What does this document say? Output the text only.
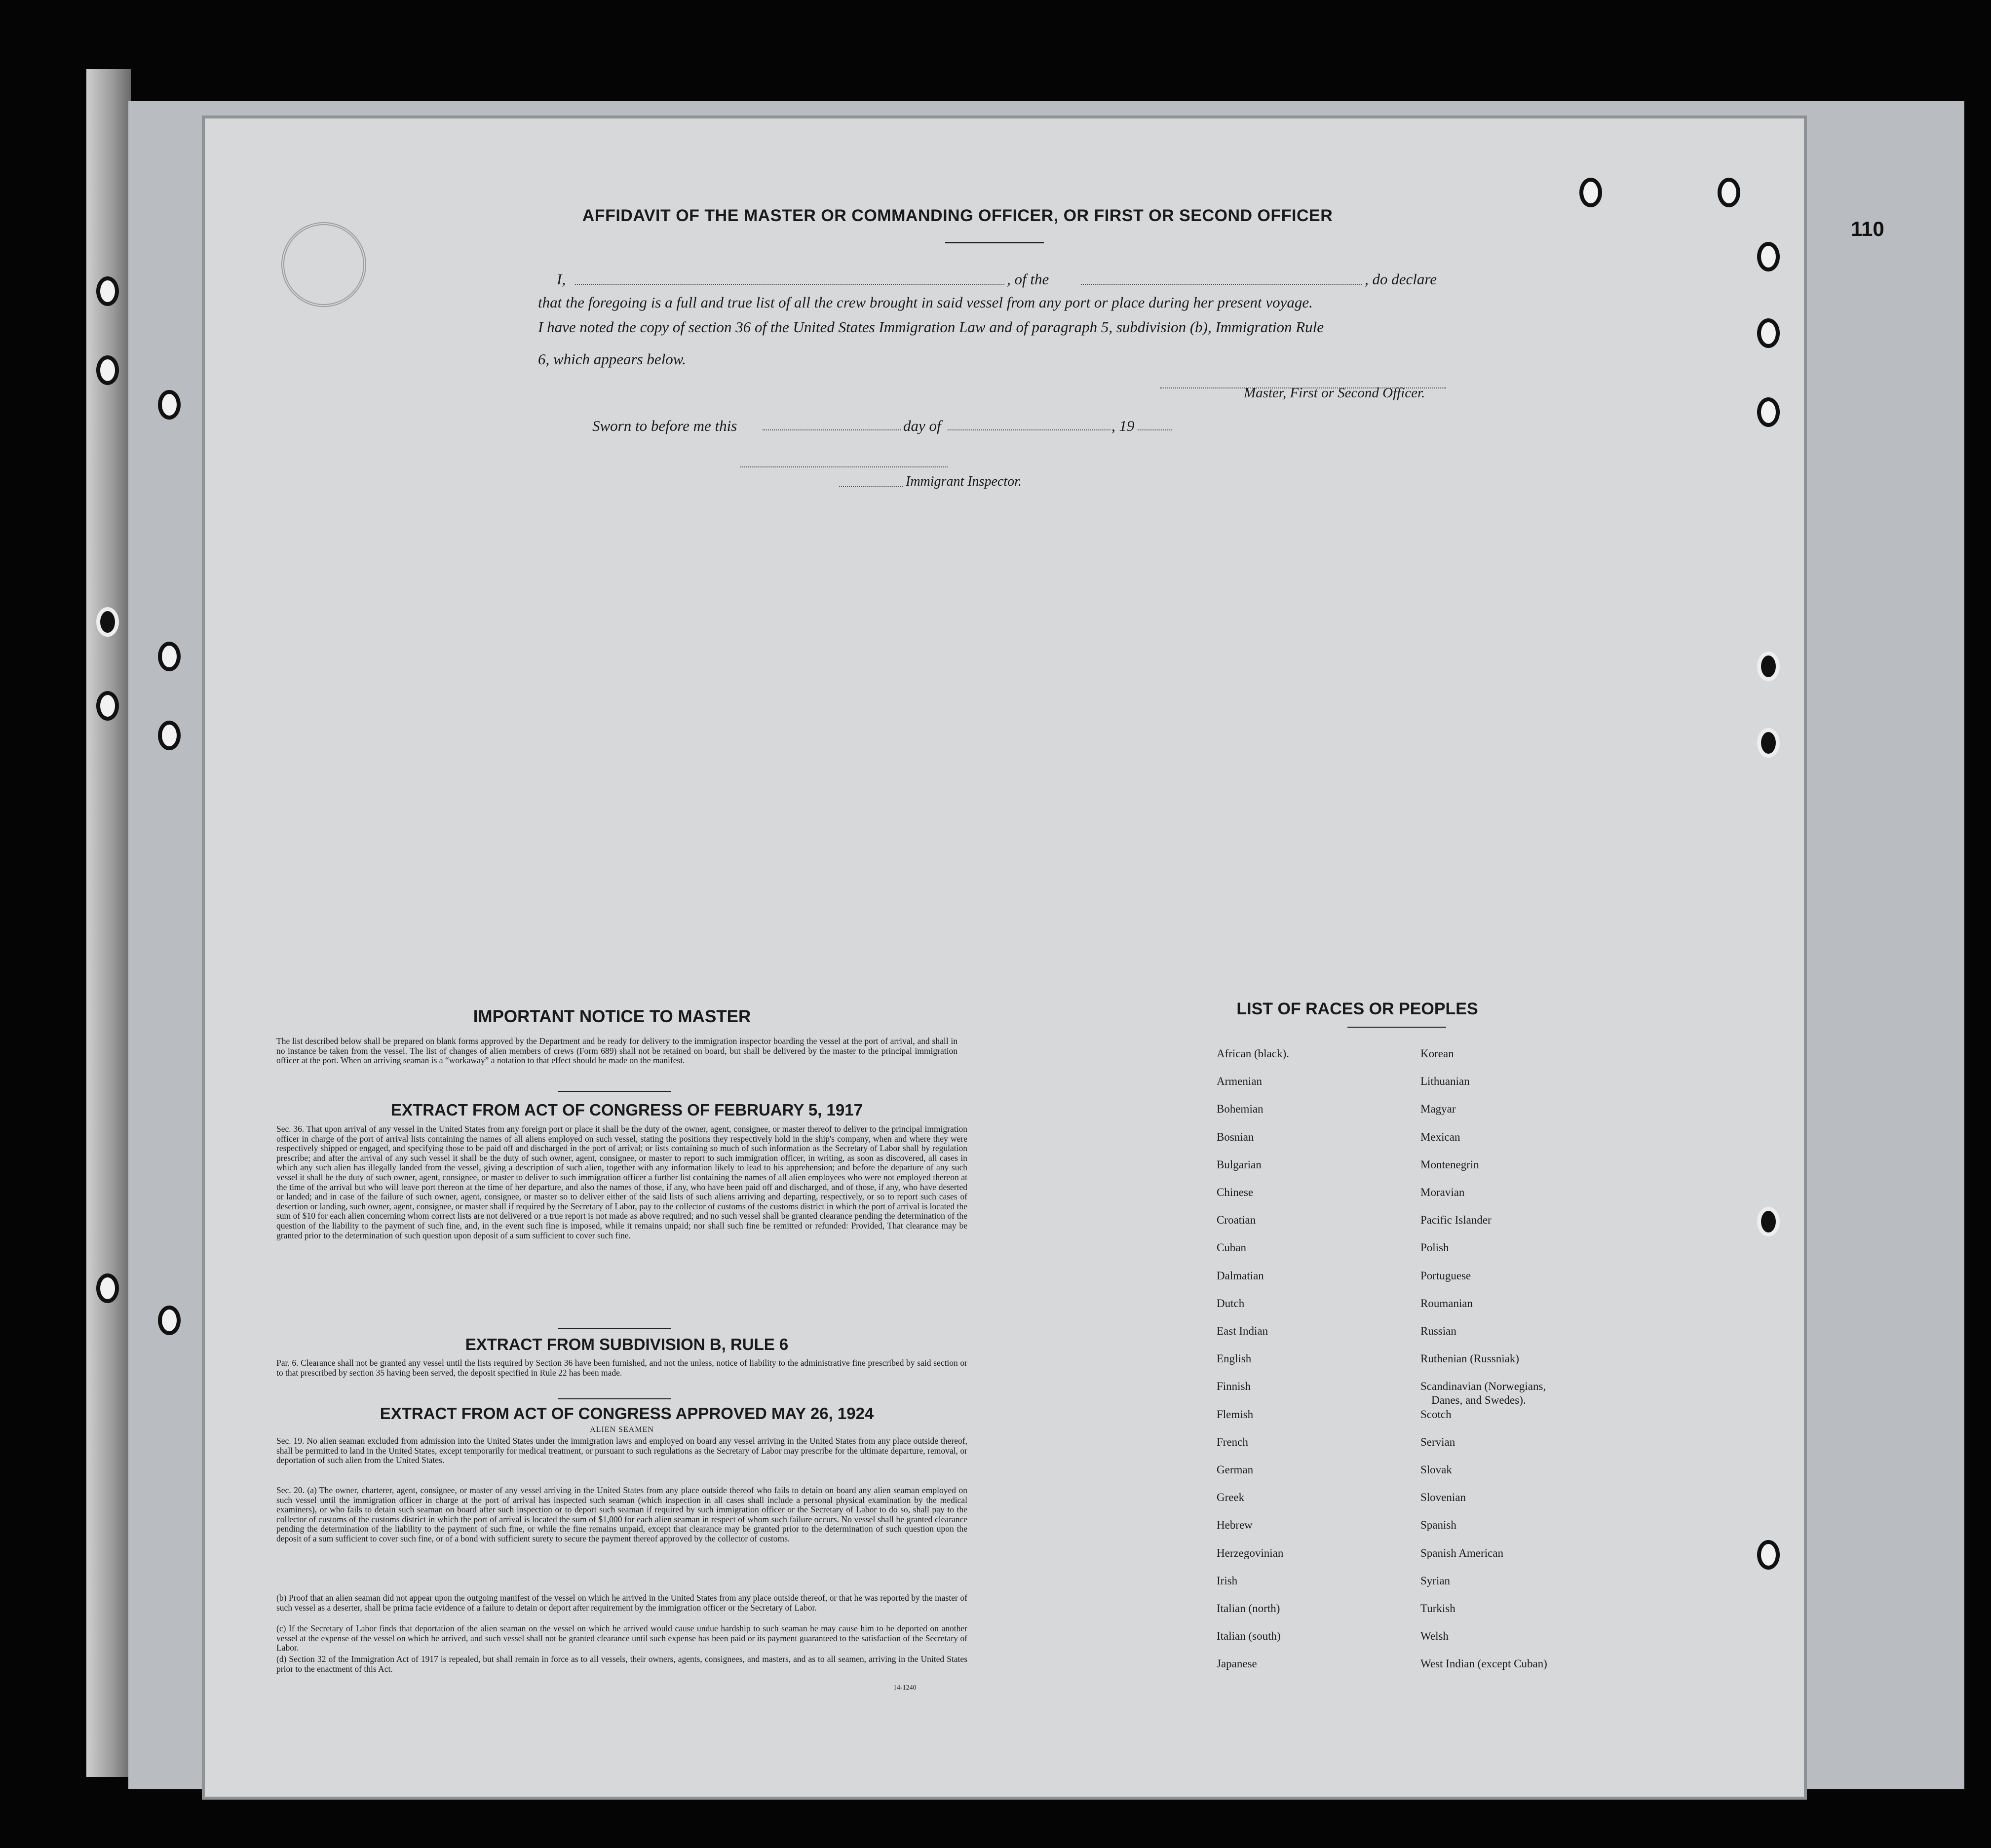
110
AFFIDAVIT OF THE MASTER OR COMMANDING OFFICER, OR FIRST OR SECOND OFFICER
I,	, of the	, do declare
that the foregoing is a full and true list of all the crew brought in said vessel from any port or place during her present voyage.
I have noted the copy of section 36 of the United States Immigration Law and of paragraph 5, subdivision (b), Immigration Rule
6, which appears below.
Master, First or Second Officer.
Sworn to before me this	day of	, 19
Immigrant Inspector.
IMPORTANT NOTICE TO MASTER

The list described below shall be prepared on blank forms approved by the Department and be ready for delivery to the immigration inspector boarding the vessel at the port of arrival, and shall in no instance be taken from the vessel. The list of changes of alien members of crews (Form 689) shall not be retained on board, but shall be delivered by the master to the principal immigration officer at the port. When an arriving seaman is a “workaway” a notation to that effect should be made on the manifest.

EXTRACT FROM ACT OF CONGRESS OF FEBRUARY 5, 1917

Sec. 36. That upon arrival of any vessel in the United States from any foreign port or place it shall be the duty of the owner, agent, consignee, or master thereof to deliver to the principal immigration officer in charge of the port of arrival lists containing the names of all aliens employed on such vessel, stating the positions they respectively hold in the ship's company, when and where they were respectively shipped or engaged, and specifying those to be paid off and discharged in the port of arrival; or lists containing so much of such information as the Secretary of Labor shall by regulation prescribe; and after the arrival of any such vessel it shall be the duty of such owner, agent, consignee, or master to report to such immigration officer, in writing, as soon as discovered, all cases in which any such alien has illegally landed from the vessel, giving a description of such alien, together with any information likely to lead to his apprehension; and before the departure of any such vessel it shall be the duty of such owner, agent, consignee, or master to deliver to such immigration officer a further list containing the names of all alien employees who were not employed thereon at the time of the arrival but who will leave port thereon at the time of her departure, and also the names of those, if any, who have been paid off and discharged, and of those, if any, who have deserted or landed; and in case of the failure of such owner, agent, consignee, or master so to deliver either of the said lists of such aliens arriving and departing, respectively, or so to report such cases of desertion or landing, such owner, agent, consignee, or master shall if required by the Secretary of Labor, pay to the collector of customs of the customs district in which the port of arrival is located the sum of $10 for each alien concerning whom correct lists are not delivered or a true report is not made as above required; and no such vessel shall be granted clearance pending the determination of the question of the liability to the payment of such fine, and, in the event such fine is imposed, while it remains unpaid; nor shall such fine be remitted or refunded: Provided, That clearance may be granted prior to the determination of such question upon deposit of a sum sufficient to cover such fine.

EXTRACT FROM SUBDIVISION B, RULE 6

Par. 6. Clearance shall not be granted any vessel until the lists required by Section 36 have been furnished, and not the unless, notice of liability to the administrative fine prescribed by said section or to that prescribed by section 35 having been served, the deposit specified in Rule 22 has been made.

EXTRACT FROM ACT OF CONGRESS APPROVED MAY 26, 1924
ALIEN SEAMEN

Sec. 19. No alien seaman excluded from admission into the United States under the immigration laws and employed on board any vessel arriving in the United States from any place outside thereof, shall be permitted to land in the United States, except temporarily for medical treatment, or pursuant to such regulations as the Secretary of Labor may prescribe for the ultimate departure, removal, or deportation of such alien from the United States.

Sec. 20. (a) The owner, charterer, agent, consignee, or master of any vessel arriving in the United States from any place outside thereof who fails to detain on board any alien seaman employed on such vessel until the immigration officer in charge at the port of arrival has inspected such seaman (which inspection in all cases shall include a personal physical examination by the medical examiners), or who fails to detain such seaman on board after such inspection or to deport such seaman if required by such immigration officer or the Secretary of Labor to do so, shall pay to the collector of customs of the customs district in which the port of arrival is located the sum of $1,000 for each alien seaman in respect of whom such failure occurs. No vessel shall be granted clearance pending the determination of the liability to the payment of such fine, or while the fine remains unpaid, except that clearance may be granted prior to the determination of such question upon the deposit of a sum sufficient to cover such fine, or of a bond with sufficient surety to secure the payment thereof approved by the collector of customs.

(b) Proof that an alien seaman did not appear upon the outgoing manifest of the vessel on which he arrived in the United States from any place outside thereof, or that he was reported by the master of such vessel as a deserter, shall be prima facie evidence of a failure to detain or deport after requirement by the immigration officer or the Secretary of Labor.

(c) If the Secretary of Labor finds that deportation of the alien seaman on the vessel on which he arrived would cause undue hardship to such seaman he may cause him to be deported on another vessel at the expense of the vessel on which he arrived, and such vessel shall not be granted clearance until such expense has been paid or its payment guaranteed to the satisfaction of the Secretary of Labor.

(d) Section 32 of the Immigration Act of 1917 is repealed, but shall remain in force as to all vessels, their owners, agents, consignees, and masters, and as to all seamen, arriving in the United States prior to the enactment of this Act.

14-1240
LIST OF RACES OR PEOPLES
African (black).
Armenian
Bohemian
Bosnian
Bulgarian
Chinese
Croatian
Cuban
Dalmatian
Dutch
East Indian
English
Finnish
Flemish
French
German
Greek
Hebrew
Herzegovinian
Irish
Italian (north)
Italian (south)
Japanese
Korean
Lithuanian
Magyar
Mexican
Montenegrin
Moravian
Pacific Islander
Polish
Portuguese
Roumanian
Russian
Ruthenian (Russniak)
Scandinavian (Norwegians,
Danes, and Swedes).
Scotch
Servian
Slovak
Slovenian
Spanish
Spanish American
Syrian
Turkish
Welsh
West Indian (except Cuban)
